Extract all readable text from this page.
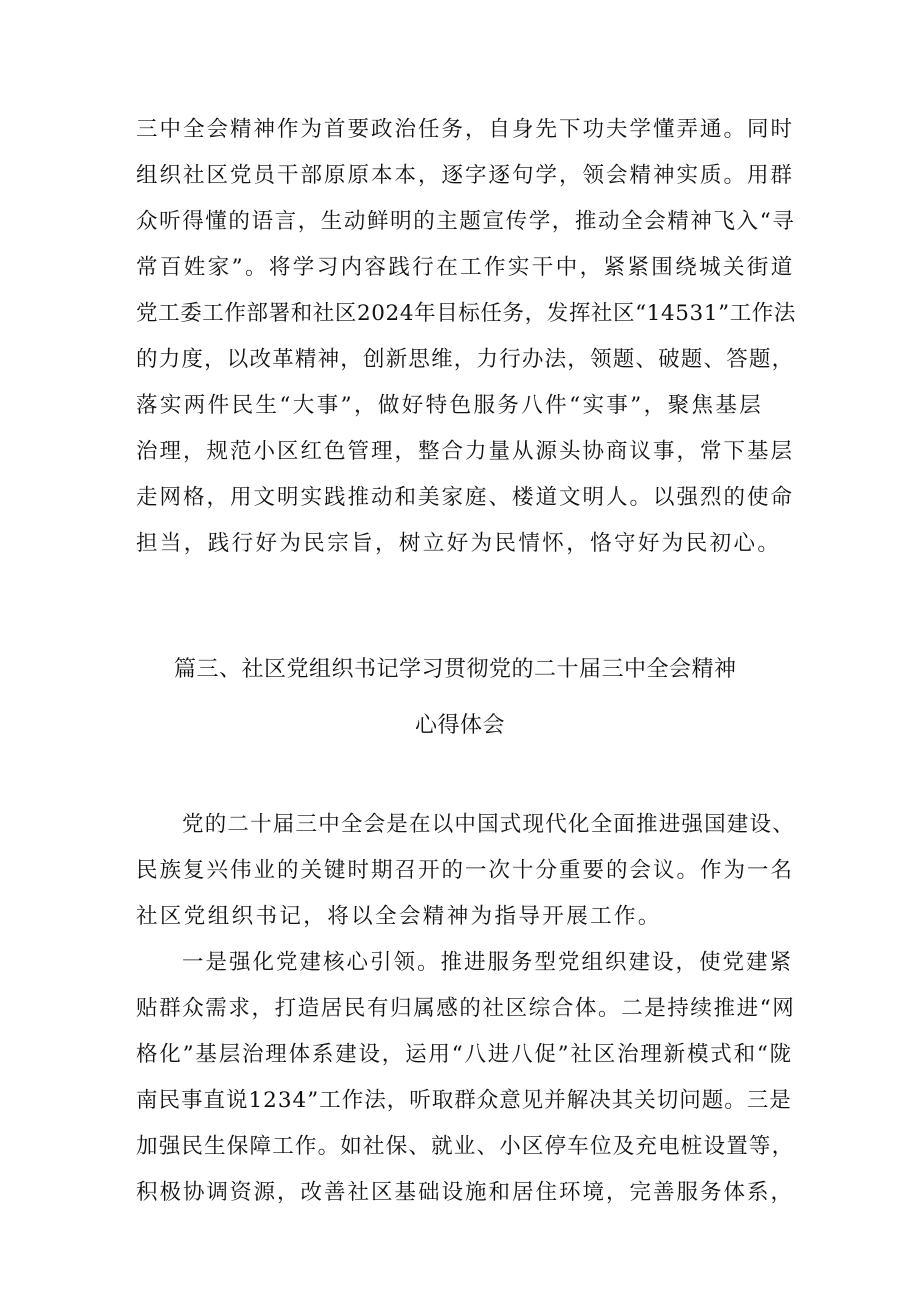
三中全会精神作为首要政治任务，自身先下功夫学懂弄通。同时
组织社区党员干部原原本本，逐字逐句学，领会精神实质。用群
众听得懂的语言，生动鲜明的主题宣传学，推动全会精神飞入“寻
常百姓家”。将学习内容践行在工作实干中，紧紧围绕城关街道
党工委工作部署和社区2024年目标任务，发挥社区“14531”工作法
的力度，以改革精神，创新思维，力行办法，领题、破题、答题，
落实两件民生“大事”，做好特色服务八件“实事”，聚焦基层
治理，规范小区红色管理，整合力量从源头协商议事，常下基层
走网格，用文明实践推动和美家庭、楼道文明人。以强烈的使命
担当，践行好为民宗旨，树立好为民情怀，恪守好为民初心。
篇三、社区党组织书记学习贯彻党的二十届三中全会精神
心得体会
党的二十届三中全会是在以中国式现代化全面推进强国建设、
民族复兴伟业的关键时期召开的一次十分重要的会议。作为一名
社区党组织书记，将以全会精神为指导开展工作。
一是强化党建核心引领。推进服务型党组织建设，使党建紧
贴群众需求，打造居民有归属感的社区综合体。二是持续推进“网
格化”基层治理体系建设，运用“八进八促”社区治理新模式和“陇
南民事直说1234”工作法，听取群众意见并解决其关切问题。三是
加强民生保障工作。如社保、就业、小区停车位及充电桩设置等，
积极协调资源，改善社区基础设施和居住环境，完善服务体系，
